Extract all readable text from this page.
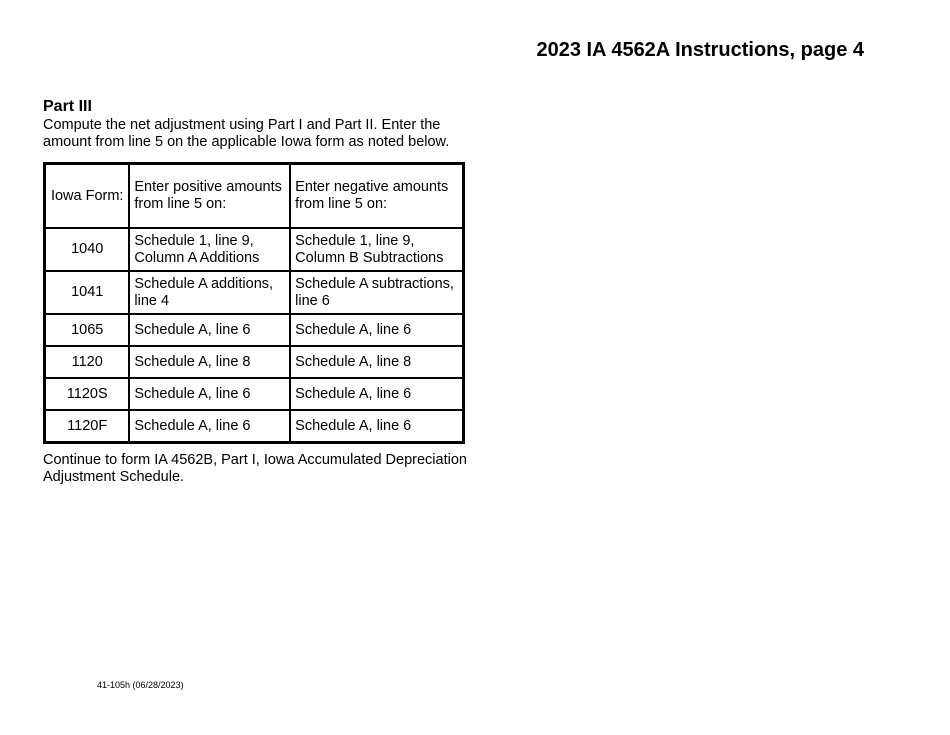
2023 IA 4562A Instructions, page 4
Part III
Compute the net adjustment using Part I and Part II. Enter the amount from line 5 on the applicable Iowa form as noted below.
Iowa Form:	Enter positive amounts from line 5 on:	Enter negative amounts from line 5 on:
1040	Schedule 1, line 9, Column A Additions	Schedule 1, line 9, Column B Subtractions
1041	Schedule A additions, line 4	Schedule A subtractions, line 6
1065	Schedule A, line 6	Schedule A, line 6
1120	Schedule A, line 8	Schedule A, line 8
1120S	Schedule A, line 6	Schedule A, line 6
1120F	Schedule A, line 6	Schedule A, line 6
Continue to form IA 4562B, Part I, Iowa Accumulated Depreciation Adjustment Schedule.
41-105h (06/28/2023)
